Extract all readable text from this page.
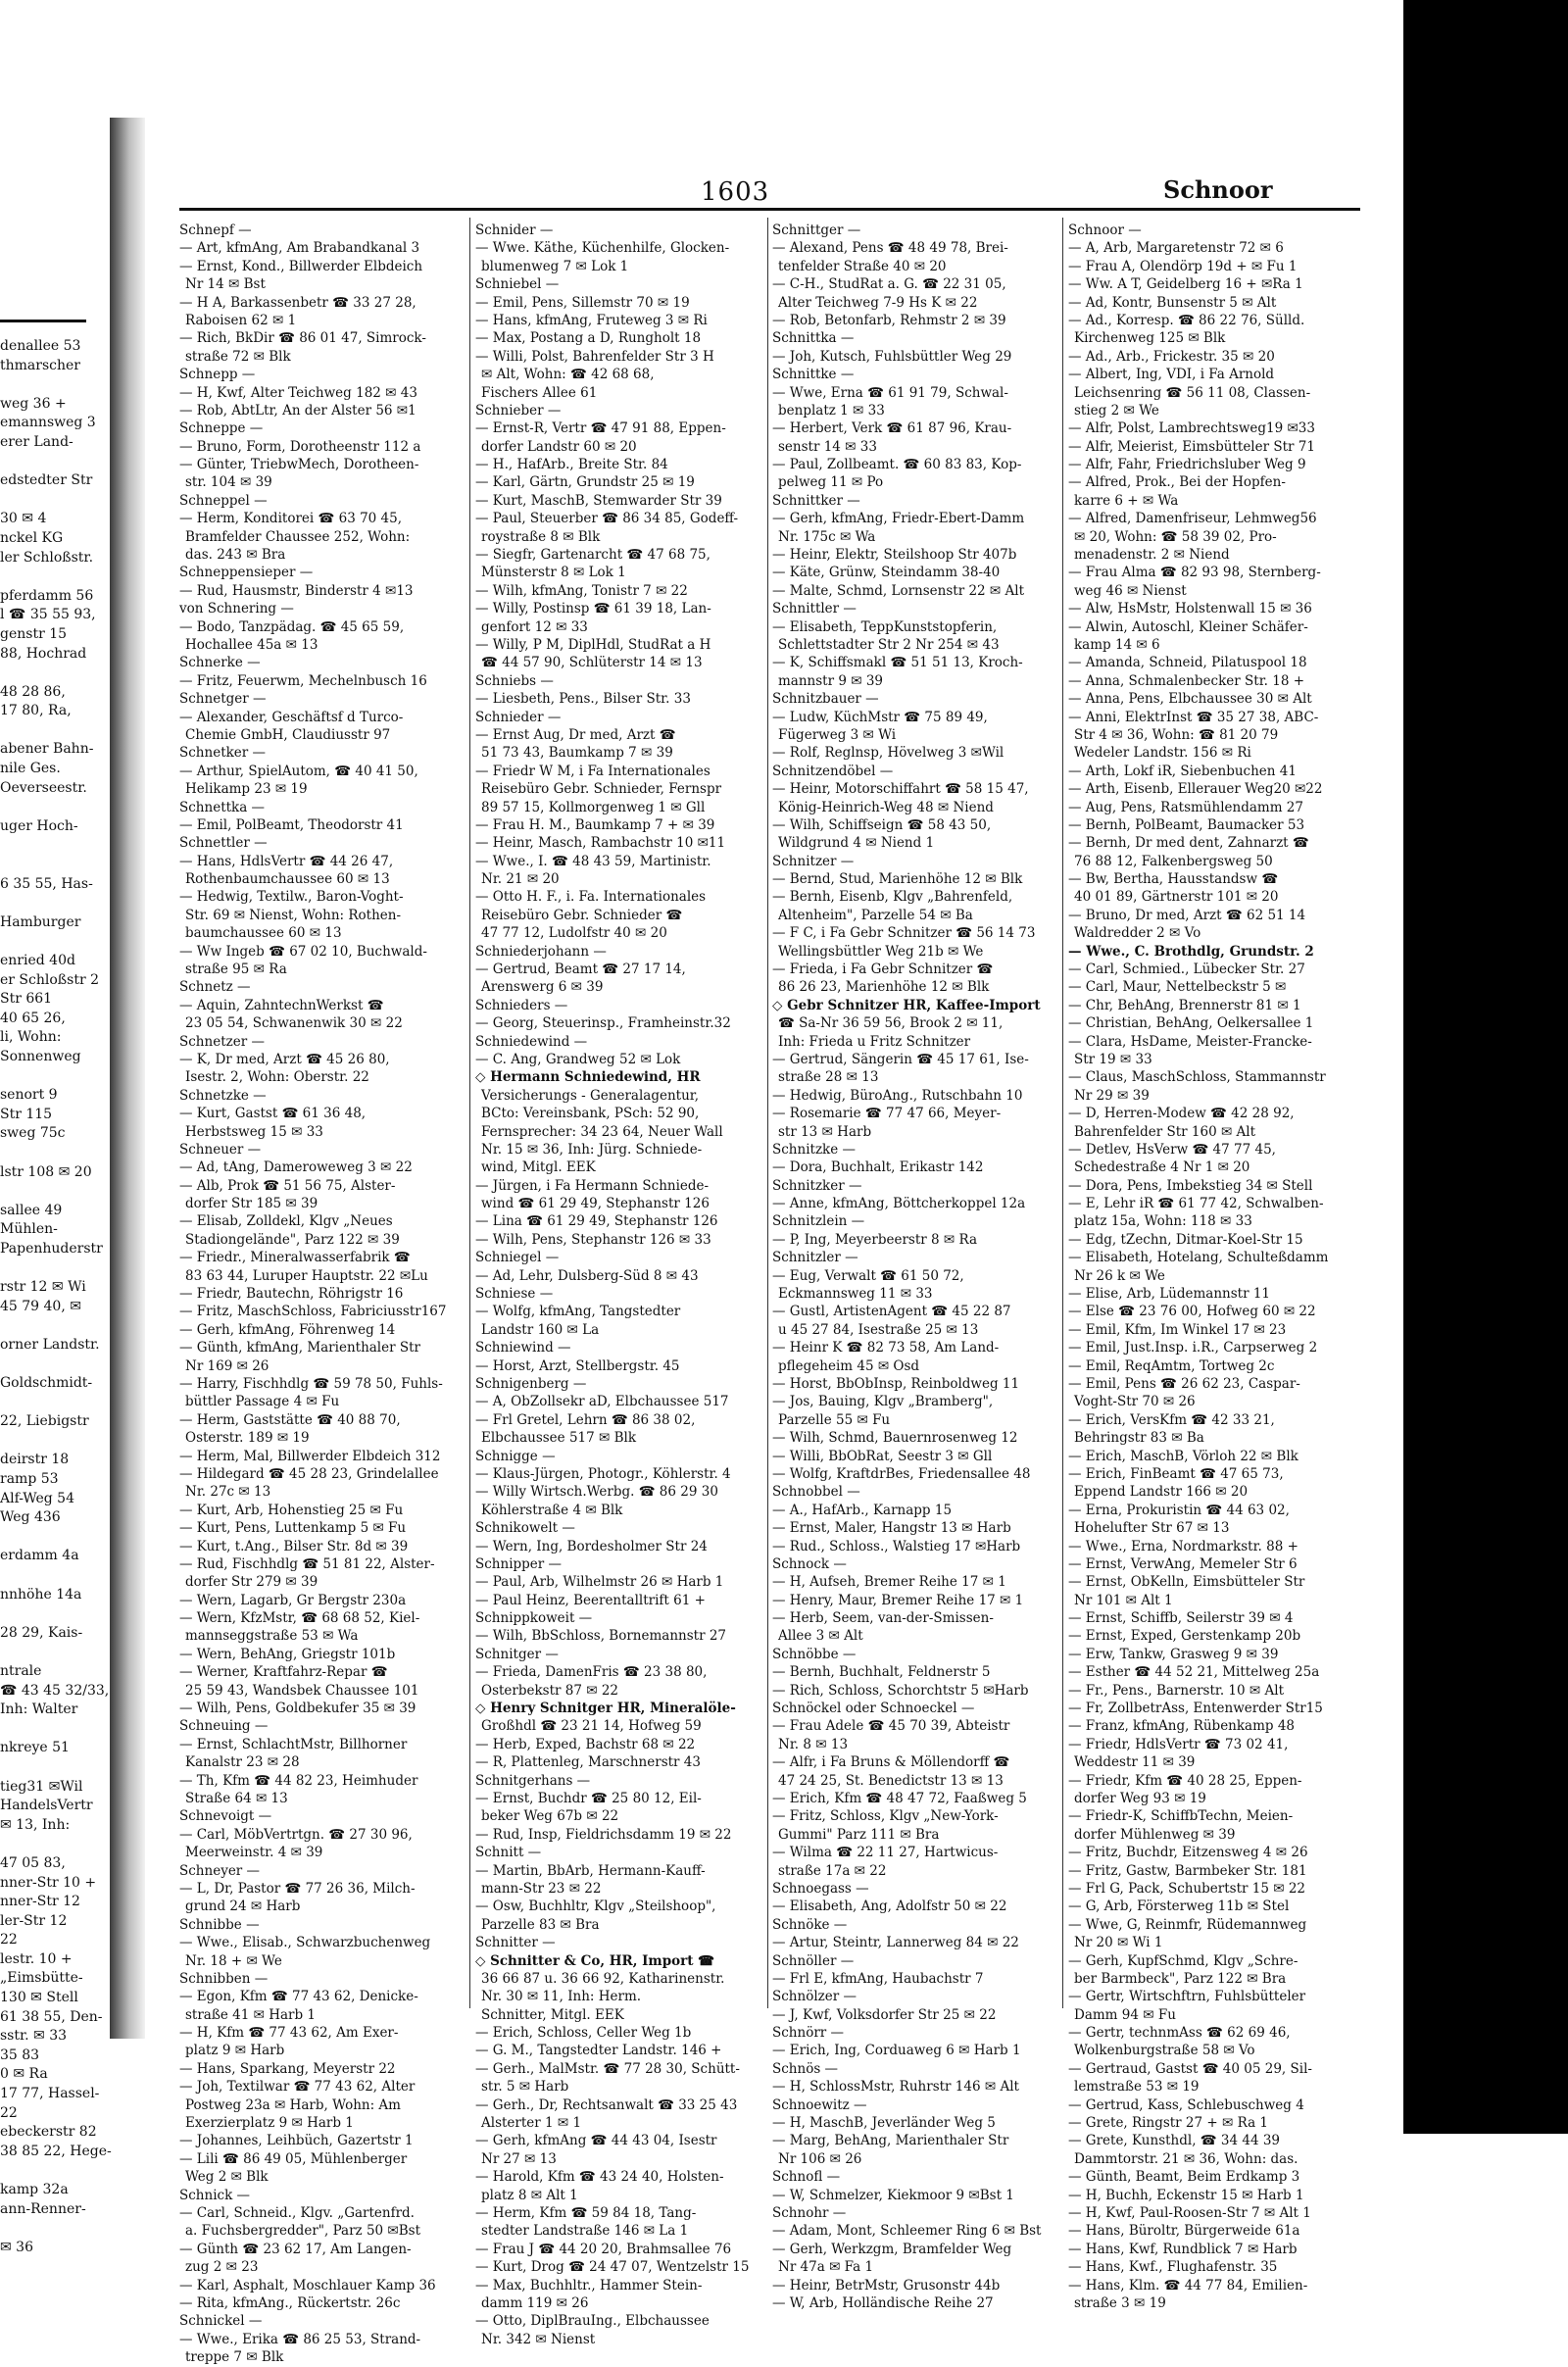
denallee 53
thmarscher
weg 36 +
emannsweg 3
erer Land-
edstedter Str
30 ✉ 4
nckel KG
ler Schloßstr.
pferdamm 56
l ☎ 35 55 93,
genstr 15
88, Hochrad
48 28 86,
17 80, Ra,
abener Bahn-
nile Ges.
Oeversees​tr.
uger Hoch-
6 35 55, Has-
Hamburger
enried 40d
er Schloßstr 2
Str 661
40 65 26,
li, Wohn:
Sonnenweg
senort 9
Str 115
sweg 75c
lstr 108 ✉ 20
sallee 49
Mühlen-
Papenhuderstr
rstr 12 ✉ Wi
45 79 40, ✉
orner Landstr.
Goldschmidt-
22, Liebigstr
deirstr 18
ramp 53
Alf-Weg 54
Weg 436
erdamm 4a
nnhöhe 14a
28 29, Kais-
ntrale
☎ 43 45 32/33,
Inh: Walter
nkreye 51
tieg31 ✉Wil
HandelsVertr
✉ 13, Inh:
47 05 83,
nner-Str 10 +
nner-Str 12
ler-Str 12
22
lestr. 10 +
„Eimsbütte-
130 ✉ Stell
61 38 55, Den-
sstr. ✉ 33
35 83
0 ✉ Ra
17 77, Hassel-
22
ebeckerstr 82
38 85 22, Hege-
kamp 32a
ann-Renner-
✉ 36
1603	Schnoor
Schnepf —
— Art, kfmAng, Am Brabandkanal 3
— Ernst, Kond., Billwerder Elbdeich
Nr 14 ✉ Bst
— H A, Barkassenbetr ☎ 33 27 28,
Raboisen 62 ✉ 1
— Rich, BkDir ☎ 86 01 47, Simrock-
straße 72 ✉ Blk
Schnepp —
— H, Kwf, Alter Teichweg 182 ✉ 43
— Rob, AbtLtr, An der Alster 56 ✉1
Schneppe —
— Bruno, Form, Dorotheenstr 112 a
— Günter, TriebwMech, Dorotheen-
str. 104 ✉ 39
Schneppel —
— Herm, Konditorei ☎ 63 70 45,
Bramfelder Chaussee 252, Wohn:
das. 243 ✉ Bra
Schneppensieper —
— Rud, Hausmstr, Binderstr 4 ✉13
von Schnering —
— Bodo, Tanzpädag. ☎ 45 65 59,
Hochallee 45a ✉ 13
Schnerke —
— Fritz, Feuerwm, Mechelnbusch 16
Schnetger —
— Alexander, Geschäftsf d Turco-
Chemie GmbH, Claudiusstr 97
Schnetker —
— Arthur, SpielAutom, ☎ 40 41 50,
Helikamp 23 ✉ 19
Schnettka —
— Emil, PolBeamt, Theodorstr 41
Schnettler —
— Hans, HdlsVertr ☎ 44 26 47,
Rothenbaumchaussee 60 ✉ 13
— Hedwig, Textilw., Baron-Voght-
Str. 69 ✉ Nienst, Wohn: Rothen-
baumchaussee 60 ✉ 13
— Ww Ingeb ☎ 67 02 10, Buchwald-
straße 95 ✉ Ra
Schnetz —
— Aquin, ZahntechnWerkst ☎
23 05 54, Schwanenwik 30 ✉ 22
Schnetzer —
— K, Dr med, Arzt ☎ 45 26 80,
Isestr. 2, Wohn: Oberstr. 22
Schnetzke —
— Kurt, Gastst ☎ 61 36 48,
Herbstsweg 15 ✉ 33
Schneuer —
— Ad, tAng, Dameroweweg 3 ✉ 22
— Alb, Prok ☎ 51 56 75, Alster-
dorfer Str 185 ✉ 39
— Elisab, Zolldekl, Klgv „Neues
Stadiongelände", Parz 122 ✉ 39
— Friedr., Mineralwasserfabrik ☎
83 63 44, Luruper Hauptstr. 22 ✉Lu
— Friedr, Bautechn, Röhrigstr 16
— Fritz, MaschSchloss, Fabriciusstr167
— Gerh, kfmAng, Föhrenweg 14
— Günth, kfmAng, Marienthaler Str
Nr 169 ✉ 26
— Harry, Fischhdlg ☎ 59 78 50, Fuhls-
büttler Passage 4 ✉ Fu
— Herm, Gaststätte ☎ 40 88 70,
Osterstr. 189 ✉ 19
— Herm, Mal, Billwerder Elbdeich 312
— Hildegard ☎ 45 28 23, Grindelallee
Nr. 27c ✉ 13
— Kurt, Arb, Hohenstieg 25 ✉ Fu
— Kurt, Pens, Luttenkamp 5 ✉ Fu
— Kurt, t.Ang., Bilser Str. 8d ✉ 39
— Rud, Fischhdlg ☎ 51 81 22, Alster-
dorfer Str 279 ✉ 39
— Wern, Lagarb, Gr Bergstr 230a
— Wern, KfzMstr, ☎ 68 68 52, Kiel-
mannseggstraße 53 ✉ Wa
— Wern, BehAng, Griegstr 101b
— Werner, Kraftfahrz-Repar ☎
25 59 43, Wandsbek Chaussee 101
— Wilh, Pens, Goldbekufer 35 ✉ 39
Schneuing —
— Ernst, SchlachtMstr, Billhorner
Kanalstr 23 ✉ 28
— Th, Kfm ☎ 44 82 23, Heimhuder
Straße 64 ✉ 13
Schnevoigt —
— Carl, MöbVertrtgn. ☎ 27 30 96,
Meerweinstr. 4 ✉ 39
Schneyer —
— L, Dr, Pastor ☎ 77 26 36, Milch-
grund 24 ✉ Harb
Schnibbe —
— Wwe., Elisab., Schwarzbuchenweg
Nr. 18 + ✉ We
Schnibben —
— Egon, Kfm ☎ 77 43 62, Denicke-
straße 41 ✉ Harb 1
— H, Kfm ☎ 77 43 62, Am Exer-
platz 9 ✉ Harb
— Hans, Sparkang, Meyerstr 22
— Joh, Textilwar ☎ 77 43 62, Alter
Postweg 23a ✉ Harb, Wohn: Am
Exerzierplatz 9 ✉ Harb 1
— Johannes, Leihbüch, Gazertstr 1
— Lili ☎ 86 49 05, Mühlenberger
Weg 2 ✉ Blk
Schnick —
— Carl, Schneid., Klgv. „Gartenfrd.
a. Fuchsbergredder", Parz 50 ✉Bst
— Günth ☎ 23 62 17, Am Langen-
zug 2 ✉ 23
— Karl, Asphalt, Moschlauer Kamp 36
— Rita, kfmAng., Rückertstr. 26c
Schnickel —
— Wwe., Erika ☎ 86 25 53, Strand-
treppe 7 ✉ Blk
Schnider —
— Wwe. Käthe, Küchenhilfe, Glocken-
blumenweg 7 ✉ Lok 1
Schniebel —
— Emil, Pens, Sillemstr 70 ✉ 19
— Hans, kfmAng, Fruteweg 3 ✉ Ri
— Max, Postang a D, Rungholt 18
— Willi, Polst, Bahrenfelder Str 3 H
✉ Alt, Wohn: ☎ 42 68 68,
Fischers Allee 61
Schnieber —
— Ernst-R, Vertr ☎ 47 91 88, Eppen-
dorfer Landstr 60 ✉ 20
— H., HafArb., Breite Str. 84
— Karl, Gärtn, Grundstr 25 ✉ 19
— Kurt, MaschB, Stemwarder Str 39
— Paul, Steuerber ☎ 86 34 85, Godeff-
roystraße 8 ✉ Blk
— Siegfr, Gartenarcht ☎ 47 68 75,
Münsterstr 8 ✉ Lok 1
— Wilh, kfmAng, Tonistr 7 ✉ 22
— Willy, Postinsp ☎ 61 39 18, Lan-
genfort 12 ✉ 33
— Willy, P M, DiplHdl, StudRat a H
☎ 44 57 90, Schlüterstr 14 ✉ 13
Schniebs —
— Liesbeth, Pens., Bilser Str. 33
Schnieder —
— Ernst Aug, Dr med, Arzt ☎
51 73 43, Baumkamp 7 ✉ 39
— Friedr W M, i Fa Internationales
Reisebüro Gebr. Schnieder, Fernspr
89 57 15, Kollmorgenweg 1 ✉ Gll
— Frau H. M., Baumkamp 7 + ✉ 39
— Heinr, Masch, Rambachstr 10 ✉11
— Wwe., I. ☎ 48 43 59, Martinistr.
Nr. 21 ✉ 20
— Otto H. F., i. Fa. Internationales
Reisebüro Gebr. Schnieder ☎
47 77 12, Ludolfstr 40 ✉ 20
Schniederjohann —
— Gertrud, Beamt ☎ 27 17 14,
Arenswerg 6 ✉ 39
Schnieders —
— Georg, Steuerinsp., Framheinstr.32
Schniedewind —
— C. Ang, Grandweg 52 ✉ Lok
◇ Hermann Schniedewind, HR
Versicherungs - Generalagentur,
BCto: Vereinsbank, PSch: 52 90,
Fernsprecher: 34 23 64, Neuer Wall
Nr. 15 ✉ 36, Inh: Jürg. Schniede-
wind, Mitgl. EEK
— Jürgen, i Fa Hermann Schniede-
wind ☎ 61 29 49, Stephanstr 126
— Lina ☎ 61 29 49, Stephanstr 126
— Wilh, Pens, Stephanstr 126 ✉ 33
Schniegel —
— Ad, Lehr, Dulsberg-Süd 8 ✉ 43
Schniese —
— Wolfg, kfmAng, Tangstedter
Landstr 160 ✉ La
Schniewind —
— Horst, Arzt, Stellbergstr. 45
Schnigenberg —
— A, ObZollsekr aD, Elbchaussee 517
— Frl Gretel, Lehrn ☎ 86 38 02,
Elbchaussee 517 ✉ Blk
Schnigge —
— Klaus-Jürgen, Photogr., Köhlerstr. 4
— Willy Wirtsch.Werbg. ☎ 86 29 30
Köhlerstraße 4 ✉ Blk
Schnikowelt —
— Wern, Ing, Bordesholmer Str 24
Schnipper —
— Paul, Arb, Wilhelmstr 26 ✉ Harb 1
— Paul Heinz, Beerentalltrift 61 +
Schnippkoweit —
— Wilh, BbSchloss, Bornemannstr 27
Schnitger —
— Frieda, DamenFris ☎ 23 38 80,
Osterbekstr 87 ✉ 22
◇ Henry Schnitger HR, Mineralöle-
Großhdl ☎ 23 21 14, Hofweg 59
— Herb, Exped, Bachstr 68 ✉ 22
— R, Plattenleg, Marschnerstr 43
Schnitgerhans —
— Ernst, Buchdr ☎ 25 80 12, Eil-
beker Weg 67b ✉ 22
— Rud, Insp, Fieldrichsdamm 19 ✉ 22
Schnitt —
— Martin, BbArb, Hermann-Kauff-
mann-Str 23 ✉ 22
— Osw, Buchhltr, Klgv „Steilshoop",
Parzelle 83 ✉ Bra
Schnitter —
◇ Schnitter & Co, HR, Import ☎
36 66 87 u. 36 66 92, Katharinenstr.
Nr. 30 ✉ 11, Inh: Herm.
Schnitter, Mitgl. EEK
— Erich, Schloss, Celler Weg 1b
— G. M., Tangstedter Landstr. 146 +
— Gerh., MalMstr. ☎ 77 28 30, Schütt-
str. 5 ✉ Harb
— Gerh., Dr, Rechtsanwalt ☎ 33 25 43
Alsterter 1 ✉ 1
— Gerh, kfmAng ☎ 44 43 04, Isestr
Nr 27 ✉ 13
— Harold, Kfm ☎ 43 24 40, Holsten-
platz 8 ✉ Alt 1
— Herm, Kfm ☎ 59 84 18, Tang-
stedter Landstraße 146 ✉ La 1
— Frau J ☎ 44 20 20, Brahmsallee 76
— Kurt, Drog ☎ 24 47 07, Wentzelstr 15
— Max, Buchhltr., Hammer Stein-
damm 119 ✉ 26
— Otto, DiplBrauIng., Elbchaussee
Nr. 342 ✉ Nienst
Schnittger —
— Alexand, Pens ☎ 48 49 78, Brei-
tenfelder Straße 40 ✉ 20
— C-H., StudRat a. G. ☎ 22 31 05,
Alter Teichweg 7-9 Hs K ✉ 22
— Rob, Betonfarb, Rehmstr 2 ✉ 39
Schnittka —
— Joh, Kutsch, Fuhlsbüttler Weg 29
Schnittke —
— Wwe, Erna ☎ 61 91 79, Schwal-
benplatz 1 ✉ 33
— Herbert, Verk ☎ 61 87 96, Krau-
senstr 14 ✉ 33
— Paul, Zollbeamt. ☎ 60 83 83, Kop-
pelweg 11 ✉ Po
Schnittker —
— Gerh, kfmAng, Friedr-Ebert-Damm
Nr. 175c ✉ Wa
— Heinr, Elektr, Steilshoop Str 407b
— Käte, Grünw, Steindamm 38-40
— Malte, Schmd, Lornsenstr 22 ✉ Alt
Schnittler —
— Elisabeth, TeppKunststopferin,
Schlettstadter Str 2 Nr 254 ✉ 43
— K, Schiffsmakl ☎ 51 51 13, Kroch-
mannstr 9 ✉ 39
Schnitzbauer —
— Ludw, KüchMstr ☎ 75 89 49,
Fügerweg 3 ✉ Wi
— Rolf, Reglnsp, Hövelweg 3 ✉Wil
Schnitzendöbel —
— Heinr, Motorschiffahrt ☎ 58 15 47,
König-Heinrich-Weg 48 ✉ Niend
— Wilh, Schiffseign ☎ 58 43 50,
Wildgrund 4 ✉ Niend 1
Schnitzer —
— Bernd, Stud, Marienhöhe 12 ✉ Blk
— Bernh, Eisenb, Klgv „Bahrenfeld,
Altenheim", Parzelle 54 ✉ Ba
— F C, i Fa Gebr Schnitzer ☎ 56 14 73
Wellingsbüttler Weg 21b ✉ We
— Frieda, i Fa Gebr Schnitzer ☎
86 26 23, Marienhöhe 12 ✉ Blk
◇ Gebr Schnitzer HR, Kaffee-Import
☎ Sa-Nr 36 59 56, Brook 2 ✉ 11,
Inh: Frieda u Fritz Schnitzer
— Gertrud, Sängerin ☎ 45 17 61, Ise-
straße 28 ✉ 13
— Hedwig, BüroAng., Rutschbahn 10
— Rosemarie ☎ 77 47 66, Meyer-
str 13 ✉ Harb
Schnitzke —
— Dora, Buchhalt, Erikastr 142
Schnitzker —
— Anne, kfmAng, Böttcherkoppel 12a
Schnitzlein —
— P, Ing, Meyerbeerstr 8 ✉ Ra
Schnitzler —
— Eug, Verwalt ☎ 61 50 72,
Eckmannsweg 11 ✉ 33
— Gustl, ArtistenAgent ☎ 45 22 87
u 45 27 84, Isestraße 25 ✉ 13
— Heinr K ☎ 82 73 58, Am Land-
pflegeheim 45 ✉ Osd
— Horst, BbObInsp, Reinboldweg 11
— Jos, Bauing, Klgv „Bramberg",
Parzelle 55 ✉ Fu
— Wilh, Schmd, Bauernrosenweg 12
— Willi, BbObRat, Seestr 3 ✉ Gll
— Wolfg, KraftdrBes, Friedensallee 48
Schnobbel —
— A., HafArb., Karnapp 15
— Ernst, Maler, Hangstr 13 ✉ Harb
— Rud., Schloss., Walstieg 17 ✉Harb
Schnock —
— H, Aufseh, Bremer Reihe 17 ✉ 1
— Henry, Maur, Bremer Reihe 17 ✉ 1
— Herb, Seem, van-der-Smissen-
Allee 3 ✉ Alt
Schnöbbe —
— Bernh, Buchhalt, Feldnerstr 5
— Rich, Schloss, Schorchtstr 5 ✉Harb
Schnöckel oder Schnoeckel —
— Frau Adele ☎ 45 70 39, Abteistr
Nr. 8 ✉ 13
— Alfr, i Fa Bruns & Möllendorff ☎
47 24 25, St. Benedictstr 13 ✉ 13
— Erich, Kfm ☎ 48 47 72, Faaßweg 5
— Fritz, Schloss, Klgv „New-York-
Gummi" Parz 111 ✉ Bra
— Wilma ☎ 22 11 27, Hartwicus-
straße 17a ✉ 22
Schnoegass —
— Elisabeth, Ang, Adolfstr 50 ✉ 22
Schnöke —
— Artur, Steintr, Lannerweg 84 ✉ 22
Schnöller —
— Frl E, kfmAng, Haubachstr 7
Schnölzer —
— J, Kwf, Volksdorfer Str 25 ✉ 22
Schnörr —
— Erich, Ing, Corduaweg 6 ✉ Harb 1
Schnös —
— H, SchlossMstr, Ruhrstr 146 ✉ Alt
Schnoewitz —
— H, MaschB, Jeverländer Weg 5
— Marg, BehAng, Marienthaler Str
Nr 106 ✉ 26
Schnofl —
— W, Schmelzer, Kiekmoor 9 ✉Bst 1
Schnohr —
— Adam, Mont, Schleemer Ring 6 ✉ Bst
— Gerh, Werkzgm, Bramfelder Weg
Nr 47a ✉ Fa 1
— Heinr, BetrMstr, Grusonstr 44b
— W, Arb, Holländische Reihe 27
Schnoor —
— A, Arb, Margaretenstr 72 ✉ 6
— Frau A, Olendörp 19d + ✉ Fu 1
— Ww. A T, Geidelberg 16 + ✉Ra 1
— Ad, Kontr, Bunsenstr 5 ✉ Alt
— Ad., Korresp. ☎ 86 22 76, Sülld.
Kirchenweg 125 ✉ Blk
— Ad., Arb., Frickestr. 35 ✉ 20
— Albert, Ing, VDI, i Fa Arnold
Leichsenring ☎ 56 11 08, Classen-
stieg 2 ✉ We
— Alfr, Polst, Lambrechtsweg19 ✉33
— Alfr, Meierist, Eimsbütteler Str 71
— Alfr, Fahr, Friedrichsluber Weg 9
— Alfred, Prok., Bei der Hopfen-
karre 6 + ✉ Wa
— Alfred, Damenfriseur, Lehmweg56
✉ 20, Wohn: ☎ 58 39 02, Pro-
menadenstr. 2 ✉ Niend
— Frau Alma ☎ 82 93 98, Sternberg-
weg 46 ✉ Nienst
— Alw, HsMstr, Holstenwall 15 ✉ 36
— Alwin, Autoschl, Kleiner Schäfer-
kamp 14 ✉ 6
— Amanda, Schneid, Pilatuspool 18
— Anna, Schmalenbecker Str. 18 +
— Anna, Pens, Elbchaussee 30 ✉ Alt
— Anni, ElektrInst ☎ 35 27 38, ABC-
Str 4 ✉ 36, Wohn: ☎ 81 20 79
Wedeler Landstr. 156 ✉ Ri
— Arth, Lokf iR, Siebenbuchen 41
— Arth, Eisenb, Ellerauer Weg20 ✉22
— Aug, Pens, Ratsmühlendamm 27
— Bernh, PolBeamt, Baumacker 53
— Bernh, Dr med dent, Zahnarzt ☎
76 88 12, Falkenbergsweg 50
— Bw, Bertha, Hausstandsw ☎
40 01 89, Gärtnerstr 101 ✉ 20
— Bruno, Dr med, Arzt ☎ 62 51 14
Waldredder 2 ✉ Vo
— Wwe., C. Brothdlg, Grundstr. 2
— Carl, Schmied., Lübecker Str. 27
— Carl, Maur, Nettelbeckstr 5 ✉
— Chr, BehAng, Brenner​str 81 ✉ 1
— Christian, BehAng, Oelkersallee 1
— Clara, HsDame, Meister-Francke-
Str 19 ✉ 33
— Claus, MaschSchloss, Stammannstr
Nr 29 ✉ 39
— D, Herren-Modew ☎ 42 28 92,
Bahrenfelder Str 160 ✉ Alt
— Detlev, HsVerw ☎ 47 77 45,
Schedestraße 4 Nr 1 ✉ 20
— Dora, Pens, Imbekstieg 34 ✉ Stell
— E, Lehr iR ☎ 61 77 42, Schwalben-
platz 15a, Wohn: 118 ✉ 33
— Edg, tZechn, Ditmar-Koel-Str 15
— Elisabeth, Hotelang, Schulteßdamm
Nr 26 k ✉ We
— Elise, Arb, Lüdemannstr 11
— Else ☎ 23 76 00, Hofweg 60 ✉ 22
— Emil, Kfm, Im Winkel 17 ✉ 23
— Emil, Just.Insp. i.R., Carpserweg 2
— Emil, ReqAmtm, Tortweg 2c
— Emil, Pens ☎ 26 62 23, Caspar-
Voght-Str 70 ✉ 26
— Erich, VersKfm ☎ 42 33 21,
Behringstr 83 ✉ Ba
— Erich, MaschB, Vörloh 22 ✉ Blk
— Erich, FinBeamt ☎ 47 65 73,
Eppend Landstr 166 ✉ 20
— Erna, Prokuristin ☎ 44 63 02,
Hohelufter Str 67 ✉ 13
— Wwe., Erna, Nordmarkstr. 88 +
— Ernst, VerwAng, Memeler Str 6
— Ernst, ObKelln, Eimsbütteler Str
Nr 101 ✉ Alt 1
— Ernst, Schiffb, Seilerstr 39 ✉ 4
— Ernst, Exped, Gerstenkamp 20b
— Erw, Tankw, Grasweg 9 ✉ 39
— Esther ☎ 44 52 21, Mittelweg 25a
— Fr., Pens., Barnerstr. 10 ✉ Alt
— Fr, ZollbetrAss, Entenwerder Str15
— Franz, kfmAng, Rübenkamp 48
— Friedr, HdlsVertr ☎ 73 02 41,
Weddestr 11 ✉ 39
— Friedr, Kfm ☎ 40 28 25, Eppen-
dorfer Weg 93 ✉ 19
— Friedr-K, SchiffbTechn, Meien-
dorfer Mühlenweg ✉ 39
— Fritz, Buchdr, Eitzensweg 4 ✉ 26
— Fritz, Gastw, Barmbeker Str. 181
— Frl G, Pack, Schubertstr 15 ✉ 22
— G, Arb, Försterweg 11b ✉ Stel
— Wwe, G, Reinmfr, Rüdemannweg
Nr 20 ✉ Wi 1
— Gerh, KupfSchmd, Klgv „Schre-
ber Barmbeck", Parz 122 ✉ Bra
— Gertr, Wirtschftrn, Fuhlsbütteler
Damm 94 ✉ Fu
— Gertr, technmAss ☎ 62 69 46,
Wolkenburgstraße 58 ✉ Vo
— Gertraud, Gastst ☎ 40 05 29, Sil-
lemstraße 53 ✉ 19
— Gertrud, Kass, Schlebuschweg 4
— Grete, Ringstr 27 + ✉ Ra 1
— Grete, Kunsthdl, ☎ 34 44 39
Dammtorstr. 21 ✉ 36, Wohn: das.
— Günth, Beamt, Beim Erdkamp 3
— H, Buchh, Eckenstr 15 ✉ Harb 1
— H, Kwf, Paul-Roosen-Str 7 ✉ Alt 1
— Hans, Büroltr, Bürgerweide 61a
— Hans, Kwf, Rundblick 7 ✉ Harb
— Hans, Kwf., Flughafenstr. 35
— Hans, Klm. ☎ 44 77 84, Emilien-
straße 3 ✉ 19
